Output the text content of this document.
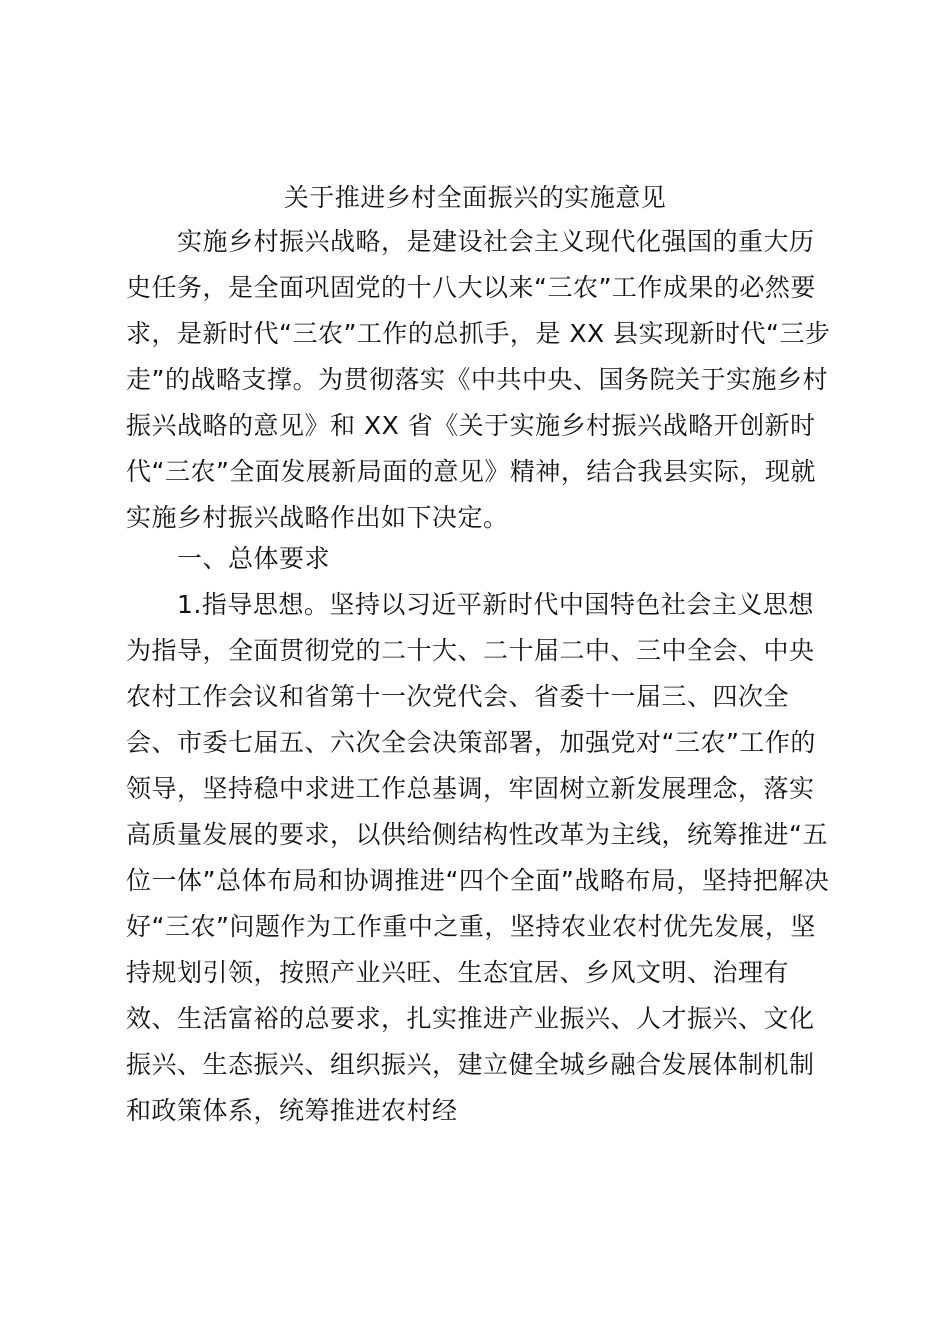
关于推进乡村全面振兴的实施意见
　　实施乡村振兴战略，是建设社会主义现代化强国的重大历
史任务，是全面巩固党的十八大以来“三农”工作成果的必然要
求，是新时代“三农”工作的总抓手，是 XX 县实现新时代“三步
走”的战略支撑。为贯彻落实《中共中央、国务院关于实施乡村
振兴战略的意见》和 XX 省《关于实施乡村振兴战略开创新时
代“三农”全面发展新局面的意见》精神，结合我县实际，现就
实施乡村振兴战略作出如下决定。
　　一、总体要求
　　1.指导思想。坚持以习近平新时代中国特色社会主义思想
为指导，全面贯彻党的二十大、二十届二中、三中全会、中央
农村工作会议和省第十一次党代会、省委十一届三、四次全
会、市委七届五、六次全会决策部署，加强党对“三农”工作的
领导，坚持稳中求进工作总基调，牢固树立新发展理念，落实
高质量发展的要求，以供给侧结构性改革为主线，统筹推进“五
位一体”总体布局和协调推进“四个全面”战略布局，坚持把解决
好“三农”问题作为工作重中之重，坚持农业农村优先发展，坚
持规划引领，按照产业兴旺、生态宜居、乡风文明、治理有
效、生活富裕的总要求，扎实推进产业振兴、人才振兴、文化
振兴、生态振兴、组织振兴，建立健全城乡融合发展体制机制
和政策体系，统筹推进农村经
